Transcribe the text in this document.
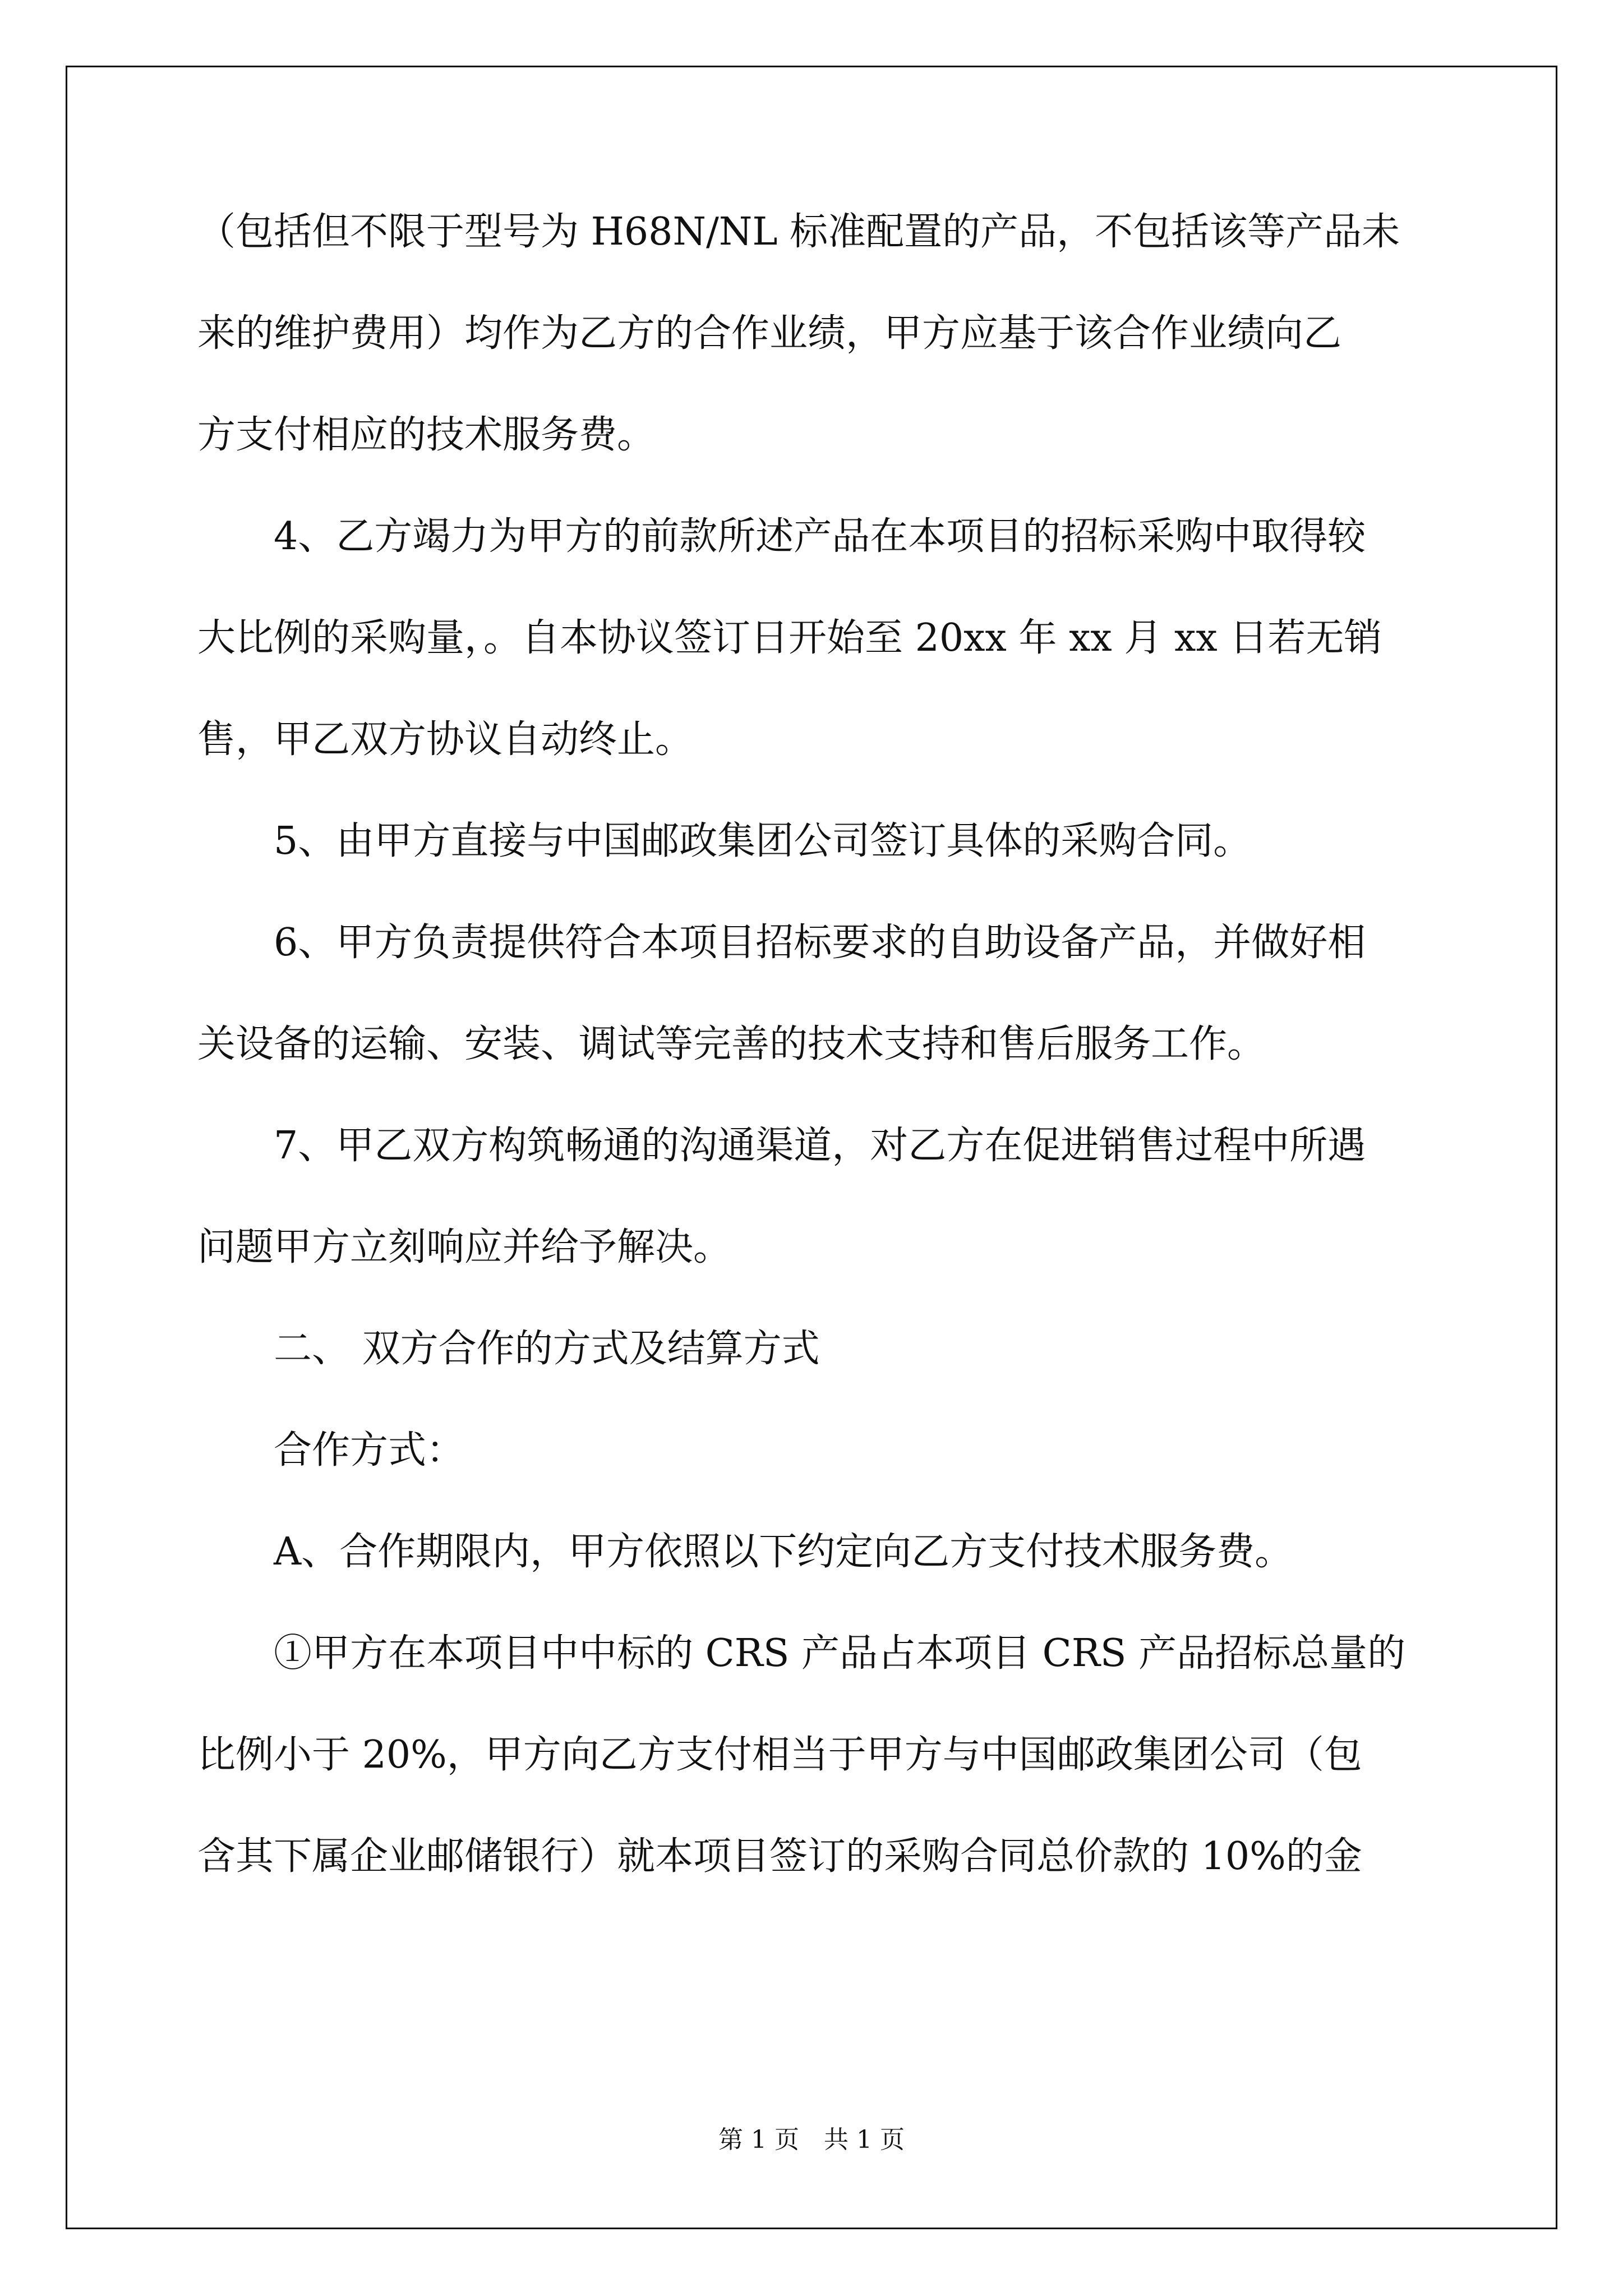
（包括但不限于型号为 H68N/NL 标准配置的产品，不包括该等产品未
来的维护费用）均作为乙方的合作业绩，甲方应基于该合作业绩向乙
方支付相应的技术服务费。
4、乙方竭力为甲方的前款所述产品在本项目的招标采购中取得较
大比例的采购量，。自本协议签订日开始至 20xx 年 xx 月 xx 日若无销
售，甲乙双方协议自动终止。
5、由甲方直接与中国邮政集团公司签订具体的采购合同。
6、甲方负责提供符合本项目招标要求的自助设备产品，并做好相
关设备的运输、安装、调试等完善的技术支持和售后服务工作。
7、甲乙双方构筑畅通的沟通渠道，对乙方在促进销售过程中所遇
问题甲方立刻响应并给予解决。
二、 双方合作的方式及结算方式
合作方式：
A、合作期限内，甲方依照以下约定向乙方支付技术服务费。
①甲方在本项目中中标的 CRS 产品占本项目 CRS 产品招标总量的
比例小于 20%，甲方向乙方支付相当于甲方与中国邮政集团公司（包
含其下属企业邮储银行）就本项目签订的采购合同总价款的 10%的金
第 1 页　共 1 页
